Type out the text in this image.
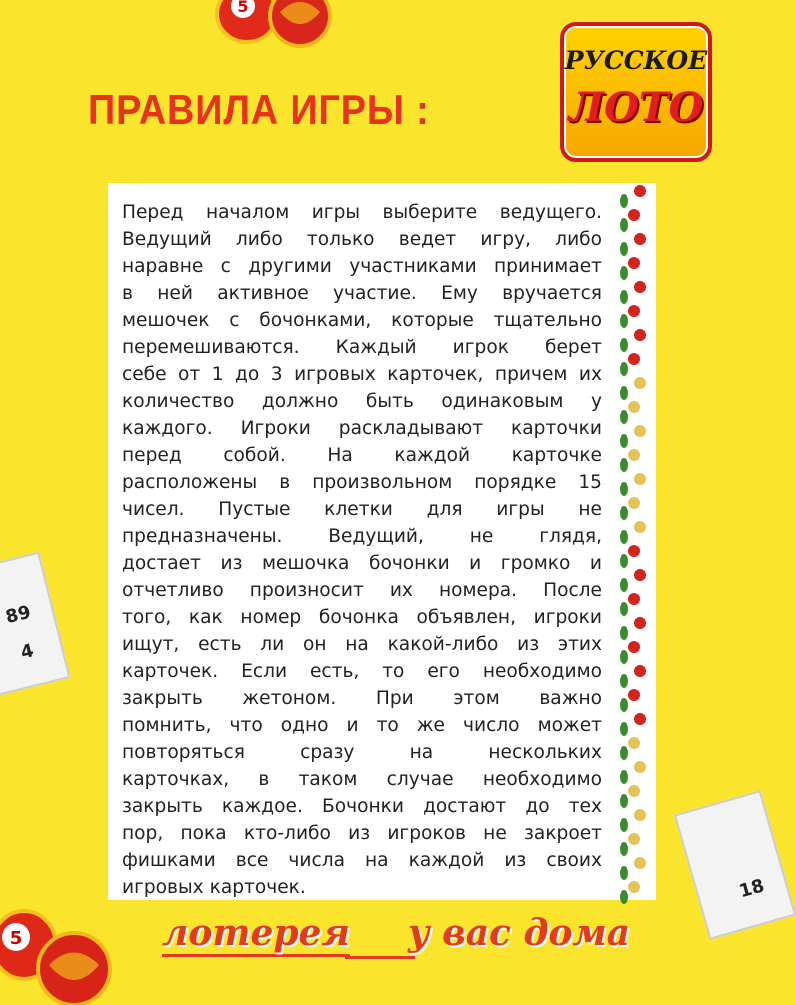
5
ПРАВИЛА ИГРЫ :
РУССКОЕ
ЛОТО
89
4
18

Перед началом игры выберите ведущего.

Ведущий либо только ведет игру, либо

наравне с другими участниками принимает

в ней активное участие. Ему вручается

мешочек с бочонками, которые тщательно

перемешиваются. Каждый игрок берет

себе от 1 до 3 игровых карточек, причем их

количество должно быть одинаковым у

каждого. Игроки раскладывают карточки

перед собой. На каждой карточке

расположены в произвольном порядке 15

чисел. Пустые клетки для игры не

предназначены. Ведущий, не глядя,

достает из мешочка бочонки и громко и

отчетливо произносит их номера. После

того, как номер бочонка объявлен, игроки

ищут, есть ли он на какой-либо из этих

карточек. Если есть, то его необходимо

закрыть жетоном. При этом важно

помнить, что одно и то же число может

повторяться сразу на нескольких

карточках, в таком случае необходимо

закрыть каждое. Бочонки достают до тех

пор, пока кто-либо из игроков не закроет

фишками все числа на каждой из своих

игровых карточек.

5	лотерея у вас дома
